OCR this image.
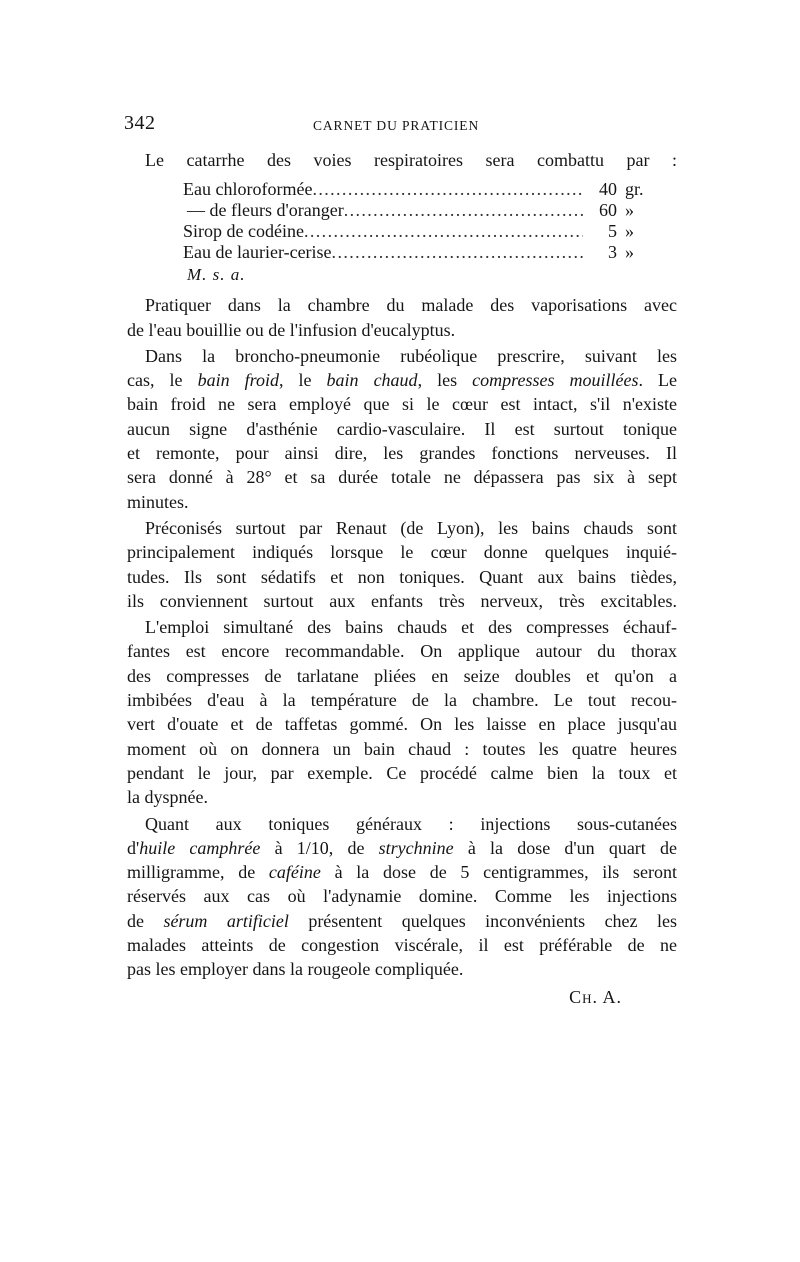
342	CARNET DU PRATICIEN
Le catarrhe des voies respiratoires sera combattu par :
Eau chloroformée .....	40 gr.
— de fleurs d'oranger .....	60 »
Sirop de codéine .....	5 »
Eau de laurier-cerise .....	3 »
M. s. a.
Pratiquer dans la chambre du malade des vaporisations avec
de l'eau bouillie ou de l'infusion d'eucalyptus.
Dans la broncho-pneumonie rubéolique prescrire, suivant les
cas, le bain froid, le bain chaud, les compresses mouillées. Le
bain froid ne sera employé que si le cœur est intact, s'il n'existe
aucun signe d'asthénie cardio-vasculaire. Il est surtout tonique
et remonte, pour ainsi dire, les grandes fonctions nerveuses. Il
sera donné à 28° et sa durée totale ne dépassera pas six à sept
minutes.
Préconisés surtout par Renaut (de Lyon), les bains chauds sont
principalement indiqués lorsque le cœur donne quelques inquié-
tudes. Ils sont sédatifs et non toniques. Quant aux bains tièdes,
ils conviennent surtout aux enfants très nerveux, très excitables.
L'emploi simultané des bains chauds et des compresses échauf-
fantes est encore recommandable. On applique autour du thorax
des compresses de tarlatane pliées en seize doubles et qu'on a
imbibées d'eau à la température de la chambre. Le tout recou-
vert d'ouate et de taffetas gommé. On les laisse en place jusqu'au
moment où on donnera un bain chaud : toutes les quatre heures
pendant le jour, par exemple. Ce procédé calme bien la toux et
la dyspnée.
Quant aux toniques généraux : injections sous-cutanées
d'huile camphrée à 1/10, de strychnine à la dose d'un quart de
milligramme, de caféine à la dose de 5 centigrammes, ils seront
réservés aux cas où l'adynamie domine. Comme les injections
de sérum artificiel présentent quelques inconvénients chez les
malades atteints de congestion viscérale, il est préférable de ne
pas les employer dans la rougeole compliquée.
Ch. A.
